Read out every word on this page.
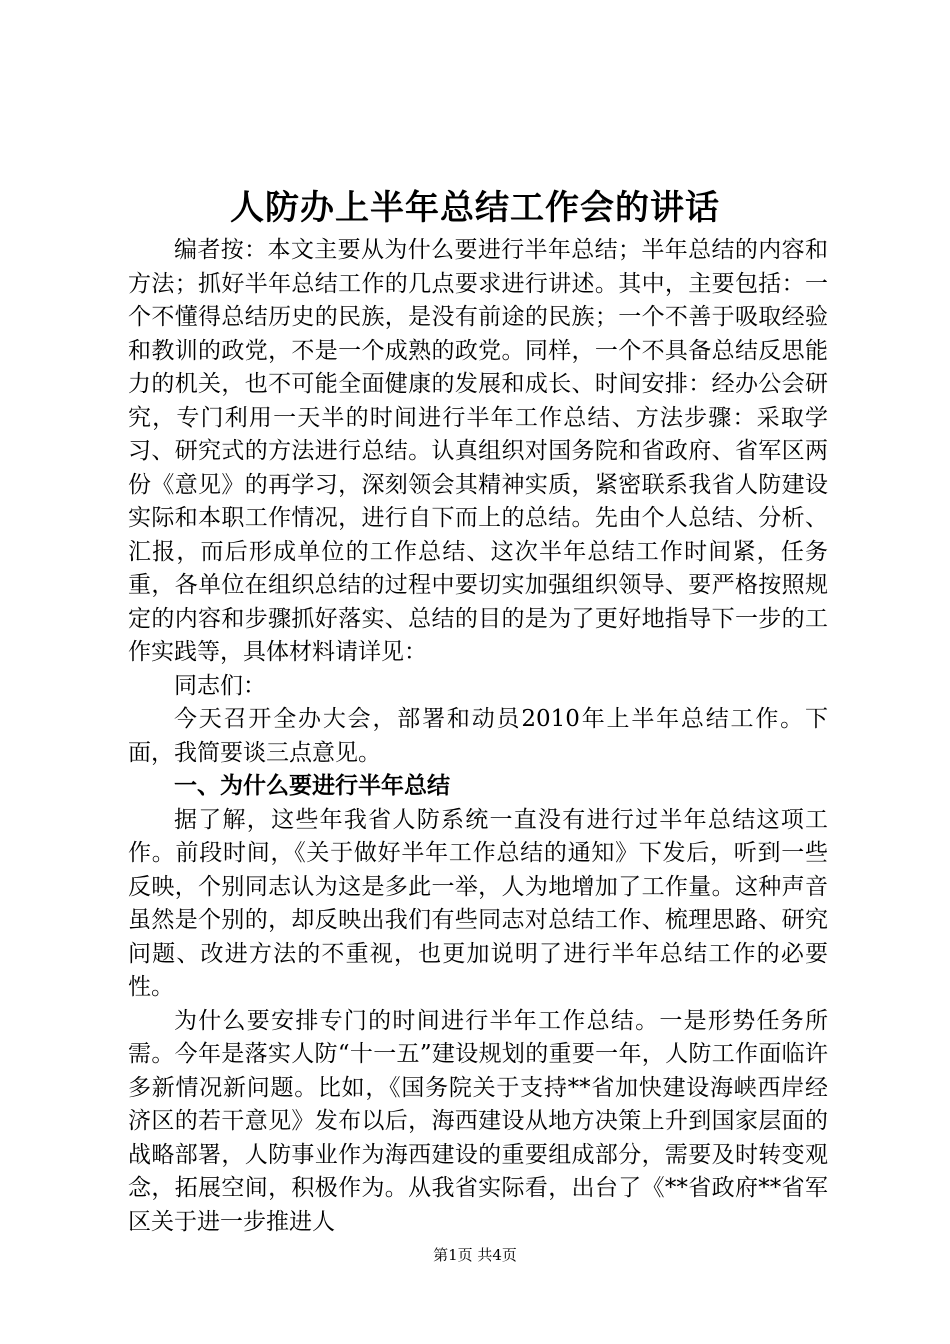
人防办上半年总结工作会的讲话

编者按：本文主要从为什么要进行半年总结；半年总结的内容和方法；抓好半年总结工作的几点要求进行讲述。其中，主要包括：一个不懂得总结历史的民族，是没有前途的民族；一个不善于吸取经验和教训的政党，不是一个成熟的政党。同样，一个不具备总结反思能力的机关，也不可能全面健康的发展和成长、时间安排：经办公会研究，专门利用一天半的时间进行半年工作总结、方法步骤：采取学习、研究式的方法进行总结。认真组织对国务院和省政府、省军区两份《意见》的再学习，深刻领会其精神实质，紧密联系我省人防建设实际和本职工作情况，进行自下而上的总结。先由个人总结、分析、汇报，而后形成单位的工作总结、这次半年总结工作时间紧，任务重，各单位在组织总结的过程中要切实加强组织领导、要严格按照规定的内容和步骤抓好落实、总结的目的是为了更好地指导下一步的工作实践等，具体材料请详见：

同志们：

今天召开全办大会，部署和动员2010年上半年总结工作。下面，我简要谈三点意见。

一、为什么要进行半年总结

据了解，这些年我省人防系统一直没有进行过半年总结这项工作。前段时间，《关于做好半年工作总结的通知》下发后，听到一些反映，个别同志认为这是多此一举，人为地增加了工作量。这种声音虽然是个别的，却反映出我们有些同志对总结工作、梳理思路、研究问题、改进方法的不重视，也更加说明了进行半年总结工作的必要性。

为什么要安排专门的时间进行半年工作总结。一是形势任务所需。今年是落实人防“十一五”建设规划的重要一年，人防工作面临许多新情况新问题。比如，《国务院关于支持**省加快建设海峡西岸经济区的若干意见》发布以后，海西建设从地方决策上升到国家层面的战略部署，人防事业作为海西建设的重要组成部分，需要及时转变观念，拓展空间，积极作为。从我省实际看，出台了《**省政府**省军区关于进一步推进人

第1页 共4页
